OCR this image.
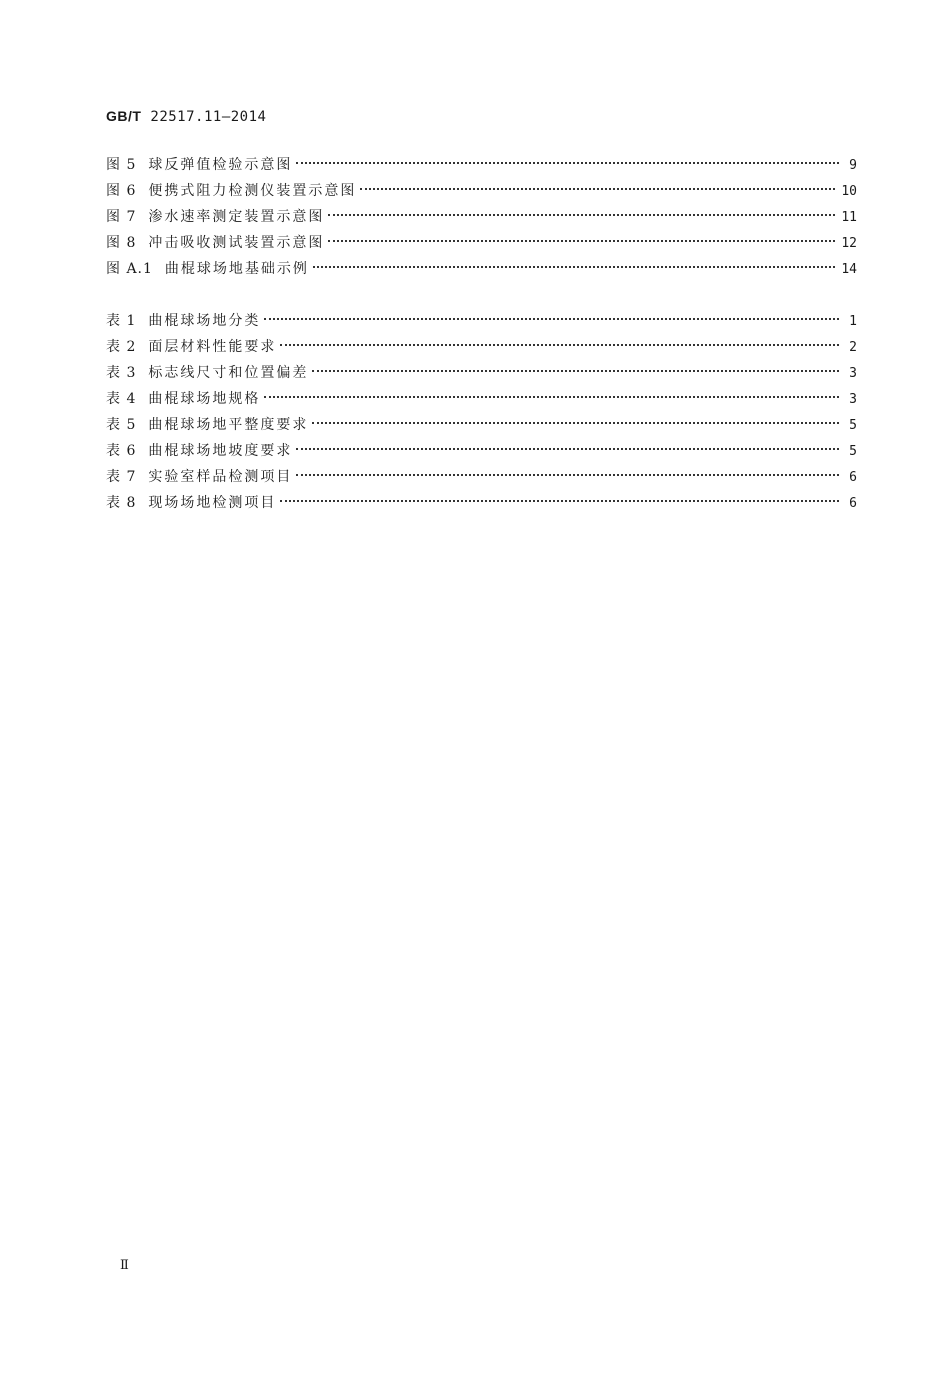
GB/T 22517.11—2014
图 5 球反弹值检验示意图	9
图 6 便携式阻力检测仪装置示意图	10
图 7 渗水速率测定装置示意图	11
图 8 冲击吸收测试装置示意图	12
图 A.1 曲棍球场地基础示例	14
表 1 曲棍球场地分类	1
表 2 面层材料性能要求	2
表 3 标志线尺寸和位置偏差	3
表 4 曲棍球场地规格	3
表 5 曲棍球场地平整度要求	5
表 6 曲棍球场地坡度要求	5
表 7 实验室样品检测项目	6
表 8 现场场地检测项目	6
Ⅱ
